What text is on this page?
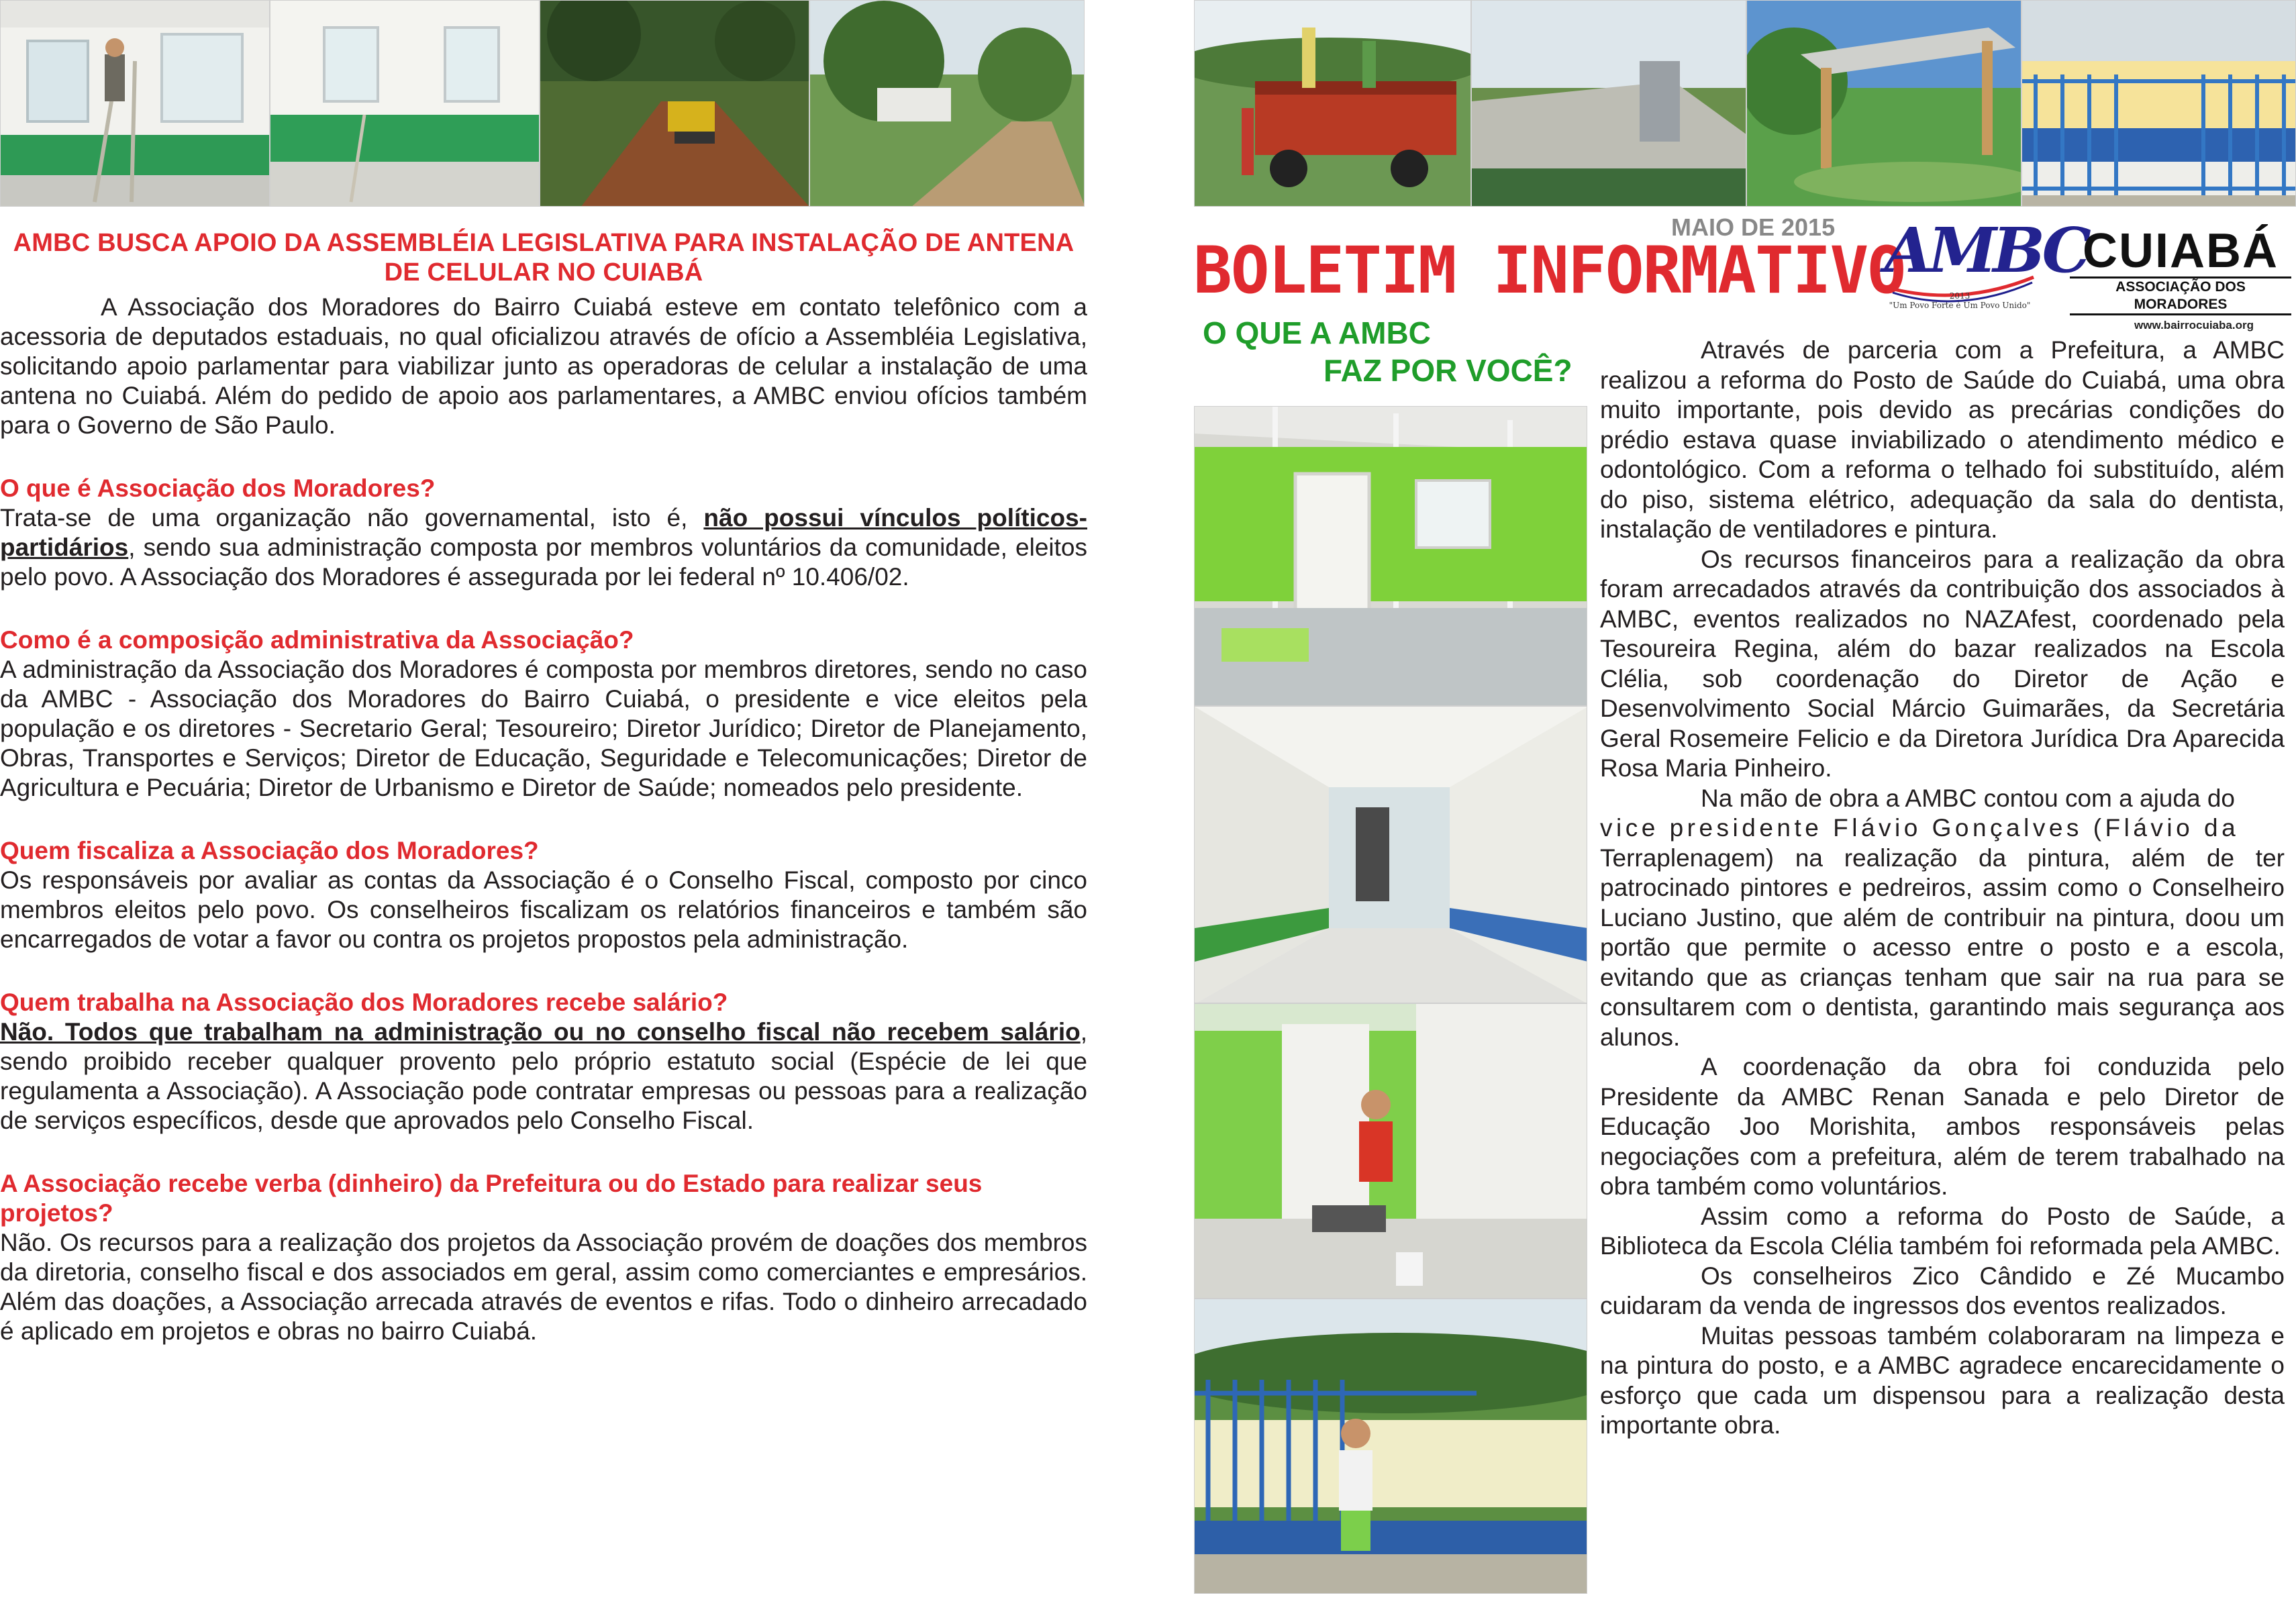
AMBC BUSCA APOIO DA ASSEMBLÉIA LEGISLATIVA PARA INSTALAÇÃO DE ANTENA DE CELULAR NO CUIABÁ

A Associação dos Moradores do Bairro Cuiabá esteve em contato telefônico com a acessoria de deputados estaduais, no qual oficializou através de ofício a Assembléia Legislativa, solicitando apoio parlamentar para viabilizar junto as operadoras de celular a instalação de uma antena no Cuiabá. Além do pedido de apoio aos parlamentares, a AMBC enviou ofícios também para o Governo de São Paulo.

O que é Associação dos Moradores?

Trata-se de uma organização não governamental, isto é, não possui vínculos políticos-partidários, sendo sua administração composta por membros voluntários da comunidade, eleitos pelo povo. A Associação dos Moradores é assegurada por lei federal nº 10.406/02.

Como é a composição administrativa da Associação?

A administração da Associação dos Moradores é composta por membros diretores, sendo no caso da AMBC - Associação dos Moradores do Bairro Cuiabá, o presidente e vice eleitos pela população e os diretores - Secretario Geral; Tesoureiro; Diretor Jurídico; Diretor de Planejamento, Obras, Transportes e Serviços; Diretor de Educação, Seguridade e Telecomunicações; Diretor de Agricultura e Pecuária; Diretor de Urbanismo e Diretor de Saúde; nomeados pelo presidente.

Quem fiscaliza a Associação dos Moradores?

Os responsáveis por avaliar as contas da Associação é o Conselho Fiscal, composto por cinco membros eleitos pelo povo. Os conselheiros fiscalizam os relatórios financeiros e também são encarregados de votar a favor ou contra os projetos propostos pela administração.

Quem trabalha na Associação dos Moradores recebe salário?

Não. Todos que trabalham na administração ou no conselho fiscal não recebem salário, sendo proibido receber qualquer provento pelo próprio estatuto social (Espécie de lei que regulamenta a Associação). A Associação pode contratar empresas ou pessoas para a realização de serviços específicos, desde que aprovados pelo Conselho Fiscal.

A Associação recebe verba (dinheiro) da Prefeitura ou do Estado para realizar seus projetos?

Não. Os recursos para a realização dos projetos da Associação provém de doações dos membros da diretoria, conselho fiscal e dos associados em geral, assim como comerciantes e empresários. Além das doações, a Associação arrecada através de eventos e rifas. Todo o dinheiro arrecadado é aplicado em projetos e obras no bairro Cuiabá.

MAIO DE 2015
BOLETIM INFORMATIVO
AMBC
2013
"Um Povo Forte é Um Povo Unido"
CUIABÁ
ASSOCIAÇÃO DOS MORADORES
www.bairrocuiaba.org
O QUE A AMBC
FAZ POR VOCÊ?

Através de parceria com a Prefeitura, a AMBC realizou a reforma do Posto de Saúde do Cuiabá, uma obra muito importante, pois devido as precárias condições do prédio estava quase inviabilizado o atendimento médico e odontológico. Com a reforma o telhado foi substituído, além do piso, sistema elétrico, adequação da sala do dentista, instalação de ventiladores e pintura.

Os recursos financeiros para a realização da obra foram arrecadados através da contribuição dos associados à AMBC, eventos realizados no NAZAfest, coordenado pela Tesoureira Regina, além do bazar realizados na Escola Clélia, sob coordenação do Diretor de Ação e Desenvolvimento Social Márcio Guimarães, da Secretária Geral Rosemeire Felicio e da Diretora Jurídica Dra Aparecida Rosa Maria Pinheiro.

Na mão de obra a AMBC contou com a ajuda do

vice presidente Flávio Gonçalves (Flávio da

Terraplenagem) na realização da pintura, além de ter patrocinado pintores e pedreiros, assim como o Conselheiro Luciano Justino, que além de contribuir na pintura, doou um portão que permite o acesso entre o posto e a escola, evitando que as crianças tenham que sair na rua para se consultarem com o dentista, garantindo mais segurança aos alunos.

A coordenação da obra foi conduzida pelo Presidente da AMBC Renan Sanada e pelo Diretor de Educação Joo Morishita, ambos responsáveis pelas negociações com a prefeitura, além de terem trabalhado na obra também como voluntários.

Assim como a reforma do Posto de Saúde, a Biblioteca da Escola Clélia também foi reformada pela AMBC.

Os conselheiros Zico Cândido e Zé Mucambo cuidaram da venda de ingressos dos eventos realizados.

Muitas pessoas também colaboraram na limpeza e na pintura do posto, e a AMBC agradece encarecidamente o esforço que cada um dispensou para a realização desta importante obra.
